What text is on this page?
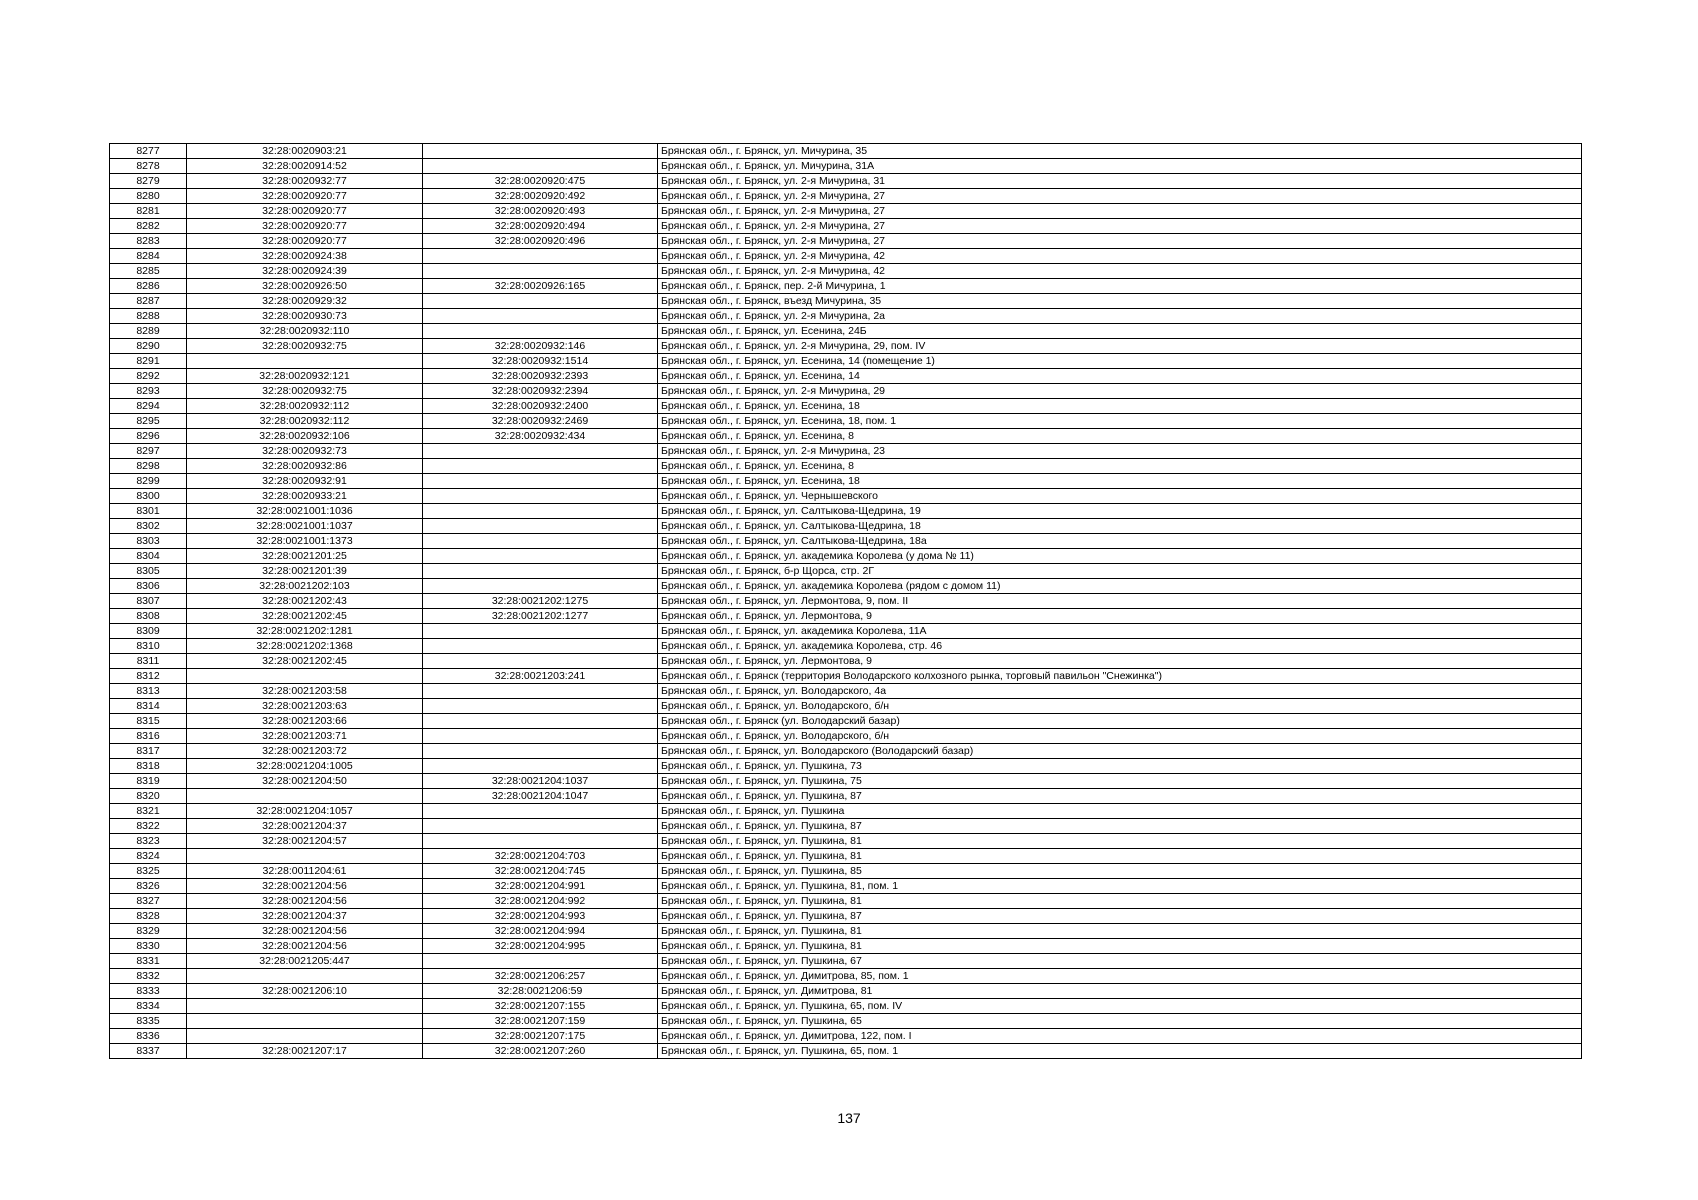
8277	32:28:0020903:21		Брянская обл., г. Брянск, ул. Мичурина, 35
8278	32:28:0020914:52		Брянская обл., г. Брянск, ул. Мичурина, 31А
8279	32:28:0020932:77	32:28:0020920:475	Брянская обл., г. Брянск, ул. 2-я Мичурина, 31
8280	32:28:0020920:77	32:28:0020920:492	Брянская обл., г. Брянск, ул. 2-я Мичурина, 27
8281	32:28:0020920:77	32:28:0020920:493	Брянская обл., г. Брянск, ул. 2-я Мичурина, 27
8282	32:28:0020920:77	32:28:0020920:494	Брянская обл., г. Брянск, ул. 2-я Мичурина, 27
8283	32:28:0020920:77	32:28:0020920:496	Брянская обл., г. Брянск, ул. 2-я Мичурина, 27
8284	32:28:0020924:38		Брянская обл., г. Брянск, ул. 2-я Мичурина, 42
8285	32:28:0020924:39		Брянская обл., г. Брянск, ул. 2-я Мичурина, 42
8286	32:28:0020926:50	32:28:0020926:165	Брянская обл., г. Брянск, пер. 2-й Мичурина, 1
8287	32:28:0020929:32		Брянская обл., г. Брянск, въезд Мичурина, 35
8288	32:28:0020930:73		Брянская обл., г. Брянск, ул. 2-я Мичурина, 2а
8289	32:28:0020932:110		Брянская обл., г. Брянск, ул. Есенина, 24Б
8290	32:28:0020932:75	32:28:0020932:146	Брянская обл., г. Брянск, ул. 2-я Мичурина, 29, пом. IV
8291		32:28:0020932:1514	Брянская обл., г. Брянск, ул. Есенина, 14 (помещение 1)
8292	32:28:0020932:121	32:28:0020932:2393	Брянская обл., г. Брянск, ул. Есенина, 14
8293	32:28:0020932:75	32:28:0020932:2394	Брянская обл., г. Брянск, ул. 2-я Мичурина, 29
8294	32:28:0020932:112	32:28:0020932:2400	Брянская обл., г. Брянск, ул. Есенина, 18
8295	32:28:0020932:112	32:28:0020932:2469	Брянская обл., г. Брянск, ул. Есенина, 18, пом. 1
8296	32:28:0020932:106	32:28:0020932:434	Брянская обл., г. Брянск, ул. Есенина, 8
8297	32:28:0020932:73		Брянская обл., г. Брянск, ул. 2-я Мичурина, 23
8298	32:28:0020932:86		Брянская обл., г. Брянск, ул. Есенина, 8
8299	32:28:0020932:91		Брянская обл., г. Брянск, ул. Есенина, 18
8300	32:28:0020933:21		Брянская обл., г. Брянск, ул. Чернышевского
8301	32:28:0021001:1036		Брянская обл., г. Брянск, ул. Салтыкова-Щедрина, 19
8302	32:28:0021001:1037		Брянская обл., г. Брянск, ул. Салтыкова-Щедрина, 18
8303	32:28:0021001:1373		Брянская обл., г. Брянск, ул. Салтыкова-Щедрина, 18а
8304	32:28:0021201:25		Брянская обл., г. Брянск, ул. академика Королева (у дома № 11)
8305	32:28:0021201:39		Брянская обл., г. Брянск, б-р Щорса, стр. 2Г
8306	32:28:0021202:103		Брянская обл., г. Брянск, ул. академика Королева (рядом с домом 11)
8307	32:28:0021202:43	32:28:0021202:1275	Брянская обл., г. Брянск, ул. Лермонтова, 9, пом. II
8308	32:28:0021202:45	32:28:0021202:1277	Брянская обл., г. Брянск, ул. Лермонтова, 9
8309	32:28:0021202:1281		Брянская обл., г. Брянск, ул. академика Королева, 11А
8310	32:28:0021202:1368		Брянская обл., г. Брянск, ул. академика Королева, стр. 46
8311	32:28:0021202:45		Брянская обл., г. Брянск, ул. Лермонтова, 9
8312		32:28:0021203:241	Брянская обл., г. Брянск (территория Володарского колхозного рынка, торговый павильон "Снежинка")
8313	32:28:0021203:58		Брянская обл., г. Брянск, ул. Володарского, 4а
8314	32:28:0021203:63		Брянская обл., г. Брянск, ул. Володарского, б/н
8315	32:28:0021203:66		Брянская обл., г. Брянск (ул. Володарский базар)
8316	32:28:0021203:71		Брянская обл., г. Брянск, ул. Володарского, б/н
8317	32:28:0021203:72		Брянская обл., г. Брянск, ул. Володарского (Володарский базар)
8318	32:28:0021204:1005		Брянская обл., г. Брянск, ул. Пушкина, 73
8319	32:28:0021204:50	32:28:0021204:1037	Брянская обл., г. Брянск, ул. Пушкина, 75
8320		32:28:0021204:1047	Брянская обл., г. Брянск, ул. Пушкина, 87
8321	32:28:0021204:1057		Брянская обл., г. Брянск, ул. Пушкина
8322	32:28:0021204:37		Брянская обл., г. Брянск, ул. Пушкина, 87
8323	32:28:0021204:57		Брянская обл., г. Брянск, ул. Пушкина, 81
8324		32:28:0021204:703	Брянская обл., г. Брянск, ул. Пушкина, 81
8325	32:28:0011204:61	32:28:0021204:745	Брянская обл., г. Брянск, ул. Пушкина, 85
8326	32:28:0021204:56	32:28:0021204:991	Брянская обл., г. Брянск, ул. Пушкина, 81, пом. 1
8327	32:28:0021204:56	32:28:0021204:992	Брянская обл., г. Брянск, ул. Пушкина, 81
8328	32:28:0021204:37	32:28:0021204:993	Брянская обл., г. Брянск, ул. Пушкина, 87
8329	32:28:0021204:56	32:28:0021204:994	Брянская обл., г. Брянск, ул. Пушкина, 81
8330	32:28:0021204:56	32:28:0021204:995	Брянская обл., г. Брянск, ул. Пушкина, 81
8331	32:28:0021205:447		Брянская обл., г. Брянск, ул. Пушкина, 67
8332		32:28:0021206:257	Брянская обл., г. Брянск, ул. Димитрова, 85, пом. 1
8333	32:28:0021206:10	32:28:0021206:59	Брянская обл., г. Брянск, ул. Димитрова, 81
8334		32:28:0021207:155	Брянская обл., г. Брянск, ул. Пушкина, 65, пом. IV
8335		32:28:0021207:159	Брянская обл., г. Брянск, ул. Пушкина, 65
8336		32:28:0021207:175	Брянская обл., г. Брянск, ул. Димитрова, 122, пом. I
8337	32:28:0021207:17	32:28:0021207:260	Брянская обл., г. Брянск, ул. Пушкина, 65, пом. 1
137
